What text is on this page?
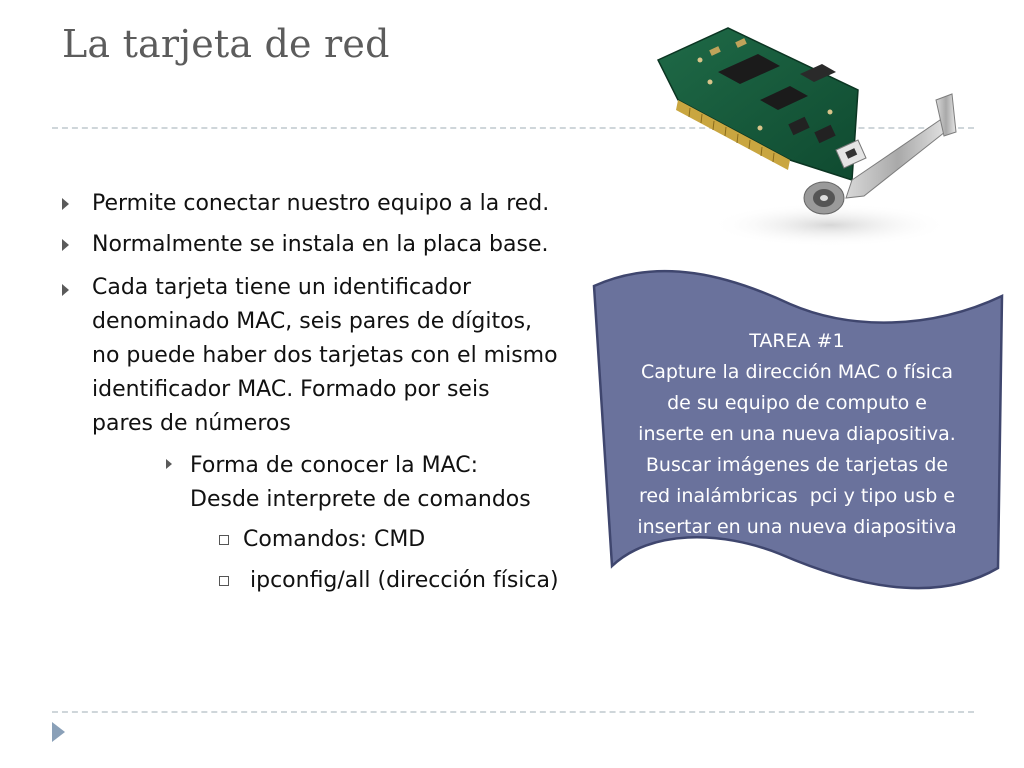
La tarjeta de red
Permite conectar nuestro equipo a la red.
Normalmente se instala en la placa base.
Cada tarjeta tiene un identificador
denominado MAC, seis pares de dígitos,
no puede haber dos tarjetas con el mismo
identificador MAC. Formado por seis
pares de números
Forma de conocer la MAC:
Desde interprete de comandos
Comandos: CMD
ipconfig/all (dirección física)
TAREA #1
Capture la dirección MAC o física
de su equipo de computo e
inserte en una nueva diapositiva.
Buscar imágenes de tarjetas de
red inalámbricas  pci y tipo usb e
insertar en una nueva diapositiva
